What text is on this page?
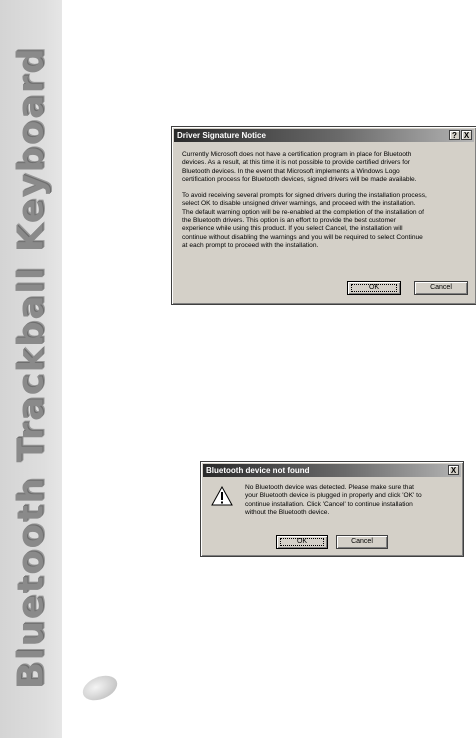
Bluetooth Trackball Keyboard	Driver Signature Notice	? X

Currently Microsoft does not have a certification program in place for Bluetooth
devices. As a result, at this time it is not possible to provide certified drivers for
Bluetooth devices. In the event that Microsoft implements a Windows Logo
certification process for Bluetooth devices, signed drivers will be made available.

To avoid receiving several prompts for signed drivers during the installation process,
select OK to disable unsigned driver warnings, and proceed with the installation.
The default warning option will be re-enabled at the completion of the installation of
the Bluetooth drivers. This option is an effort to provide the best customer
experience while using this product. If you select Cancel, the installation will
continue without disabling the warnings and you will be required to select Continue
at each prompt to proceed with the installation.

OK	Cancel
Bluetooth device not found	X
No Bluetooth device was detected. Please make sure that
your Bluetooth device is plugged in properly and click 'OK' to
continue installation. Click 'Cancel' to continue installation
without the Bluetooth device.
OK	Cancel
